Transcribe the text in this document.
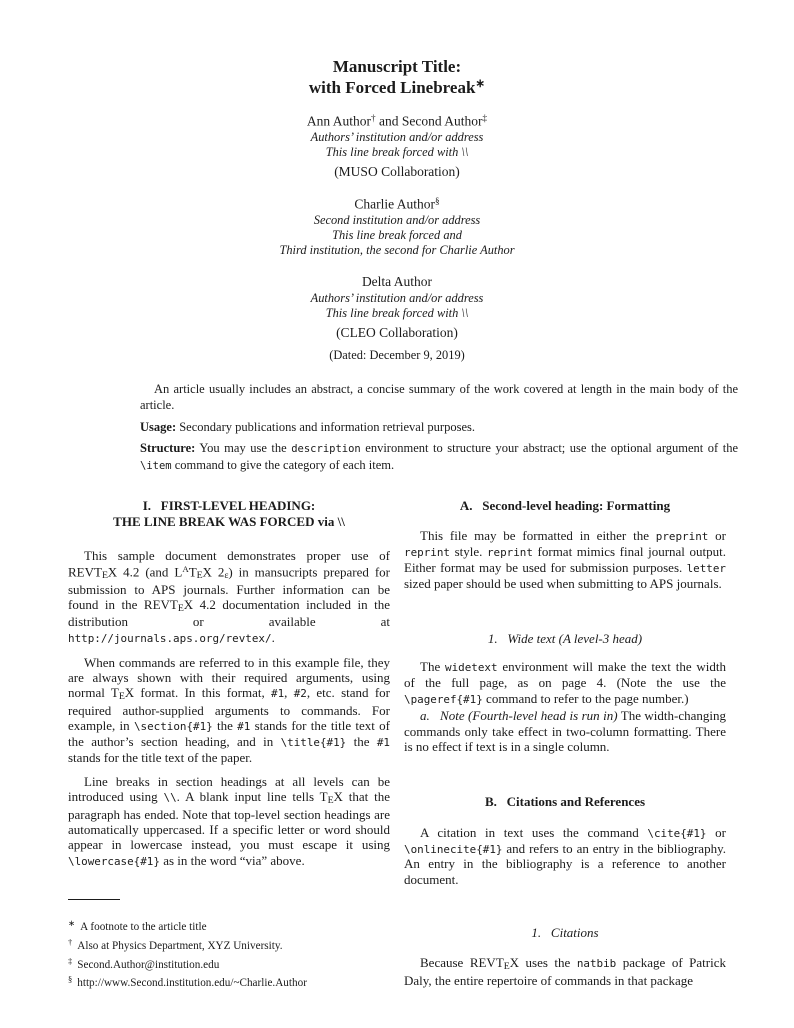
Manuscript Title:
with Forced Linebreak∗
Ann Author† and Second Author‡
Authors’ institution and/or address
This line break forced with \\
(MUSO Collaboration)
Charlie Author§
Second institution and/or address
This line break forced and
Third institution, the second for Charlie Author
Delta Author
Authors’ institution and/or address
This line break forced with \\
(CLEO Collaboration)
(Dated: December 9, 2019)
An article usually includes an abstract, a concise summary of the work covered at length in the main body of the article.
Usage: Secondary publications and information retrieval purposes.
Structure: You may use the description environment to structure your abstract; use the optional argument of the \item command to give the category of each item.
I.   FIRST-LEVEL HEADING:
THE LINE BREAK WAS FORCED via \\

This sample document demonstrates proper use of REVTEX 4.2 (and $L^ATEX$ 2ε) in mansucripts prepared for submission to APS journals. Further information can be found in the REVTEX 4.2 documentation included in the distribution or available at http://journals.aps.org/revtex/.

When commands are referred to in this example file, they are always shown with their required arguments, using normal TEX format. In this format, #1, #2, etc. stand for required author-supplied arguments to commands. For example, in \section{#1} the #1 stands for the title text of the author’s section heading, and in \title{#1} the #1 stands for the title text of the paper.

Line breaks in section headings at all levels can be introduced using \\. A blank input line tells TEX that the paragraph has ended. Note that top-level section headings are automatically uppercased. If a specific letter or word should appear in lowercase instead, you must escape it using \lowercase{#1} as in the word “via” above.

∗ A footnote to the article title
† Also at Physics Department, XYZ University.
‡ Second.Author@institution.edu
§ http://www.Second.institution.edu/~Charlie.Author
A.   Second-level heading: Formatting

This file may be formatted in either the preprint or reprint style. reprint format mimics final journal output. Either format may be used for submission purposes. letter sized paper should be used when submitting to APS journals.

1.   Wide text (A level-3 head)

The widetext environment will make the text the width of the full page, as on page 4. (Note the use the \pageref{#1} command to refer to the page number.)

a.   Note (Fourth-level head is run in) The width-changing commands only take effect in two-column formatting. There is no effect if text is in a single column.

B.   Citations and References

A citation in text uses the command \cite{#1} or \onlinecite{#1} and refers to an entry in the bibliography. An entry in the bibliography is a reference to another document.

1.   Citations

Because REVTEX uses the natbib package of Patrick Daly, the entire repertoire of commands in that package
